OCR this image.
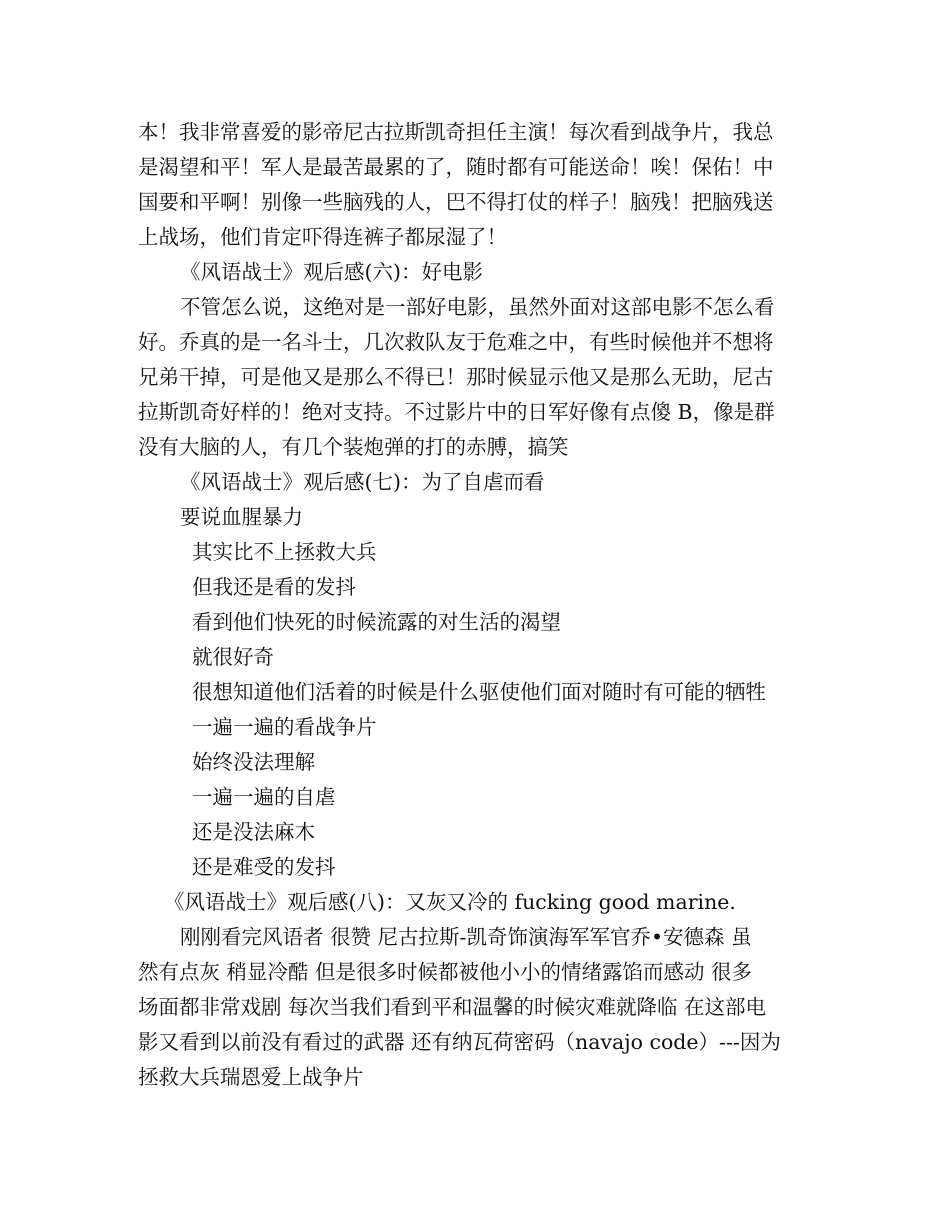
本！我非常喜爱的影帝尼古拉斯凯奇担任主演！每次看到战争片，我总
是渴望和平！军人是最苦最累的了，随时都有可能送命！唉！保佑！中
国要和平啊！别像一些脑残的人，巴不得打仗的样子！脑残！把脑残送
上战场，他们肯定吓得连裤子都尿湿了！
《风语战士》观后感(六)：好电影
不管怎么说，这绝对是一部好电影，虽然外面对这部电影不怎么看
好。乔真的是一名斗士，几次救队友于危难之中，有些时候他并不想将
兄弟干掉，可是他又是那么不得已！那时候显示他又是那么无助，尼古
拉斯凯奇好样的！绝对支持。不过影片中的日军好像有点傻 B，像是群
没有大脑的人，有几个装炮弹的打的赤膊，搞笑
《风语战士》观后感(七)：为了自虐而看
要说血腥暴力
其实比不上拯救大兵
但我还是看的发抖
看到他们快死的时候流露的对生活的渴望
就很好奇
很想知道他们活着的时候是什么驱使他们面对随时有可能的牺牲
一遍一遍的看战争片
始终没法理解
一遍一遍的自虐
还是没法麻木
还是难受的发抖
《风语战士》观后感(八)：又灰又冷的 fucking good marine.
刚刚看完风语者 很赞 尼古拉斯-凯奇饰演海军军官乔•安德森 虽
然有点灰 稍显冷酷 但是很多时候都被他小小的情绪露馅而感动 很多
场面都非常戏剧 每次当我们看到平和温馨的时候灾难就降临 在这部电
影又看到以前没有看过的武器 还有纳瓦荷密码（navajo code）---因为
拯救大兵瑞恩爱上战争片
